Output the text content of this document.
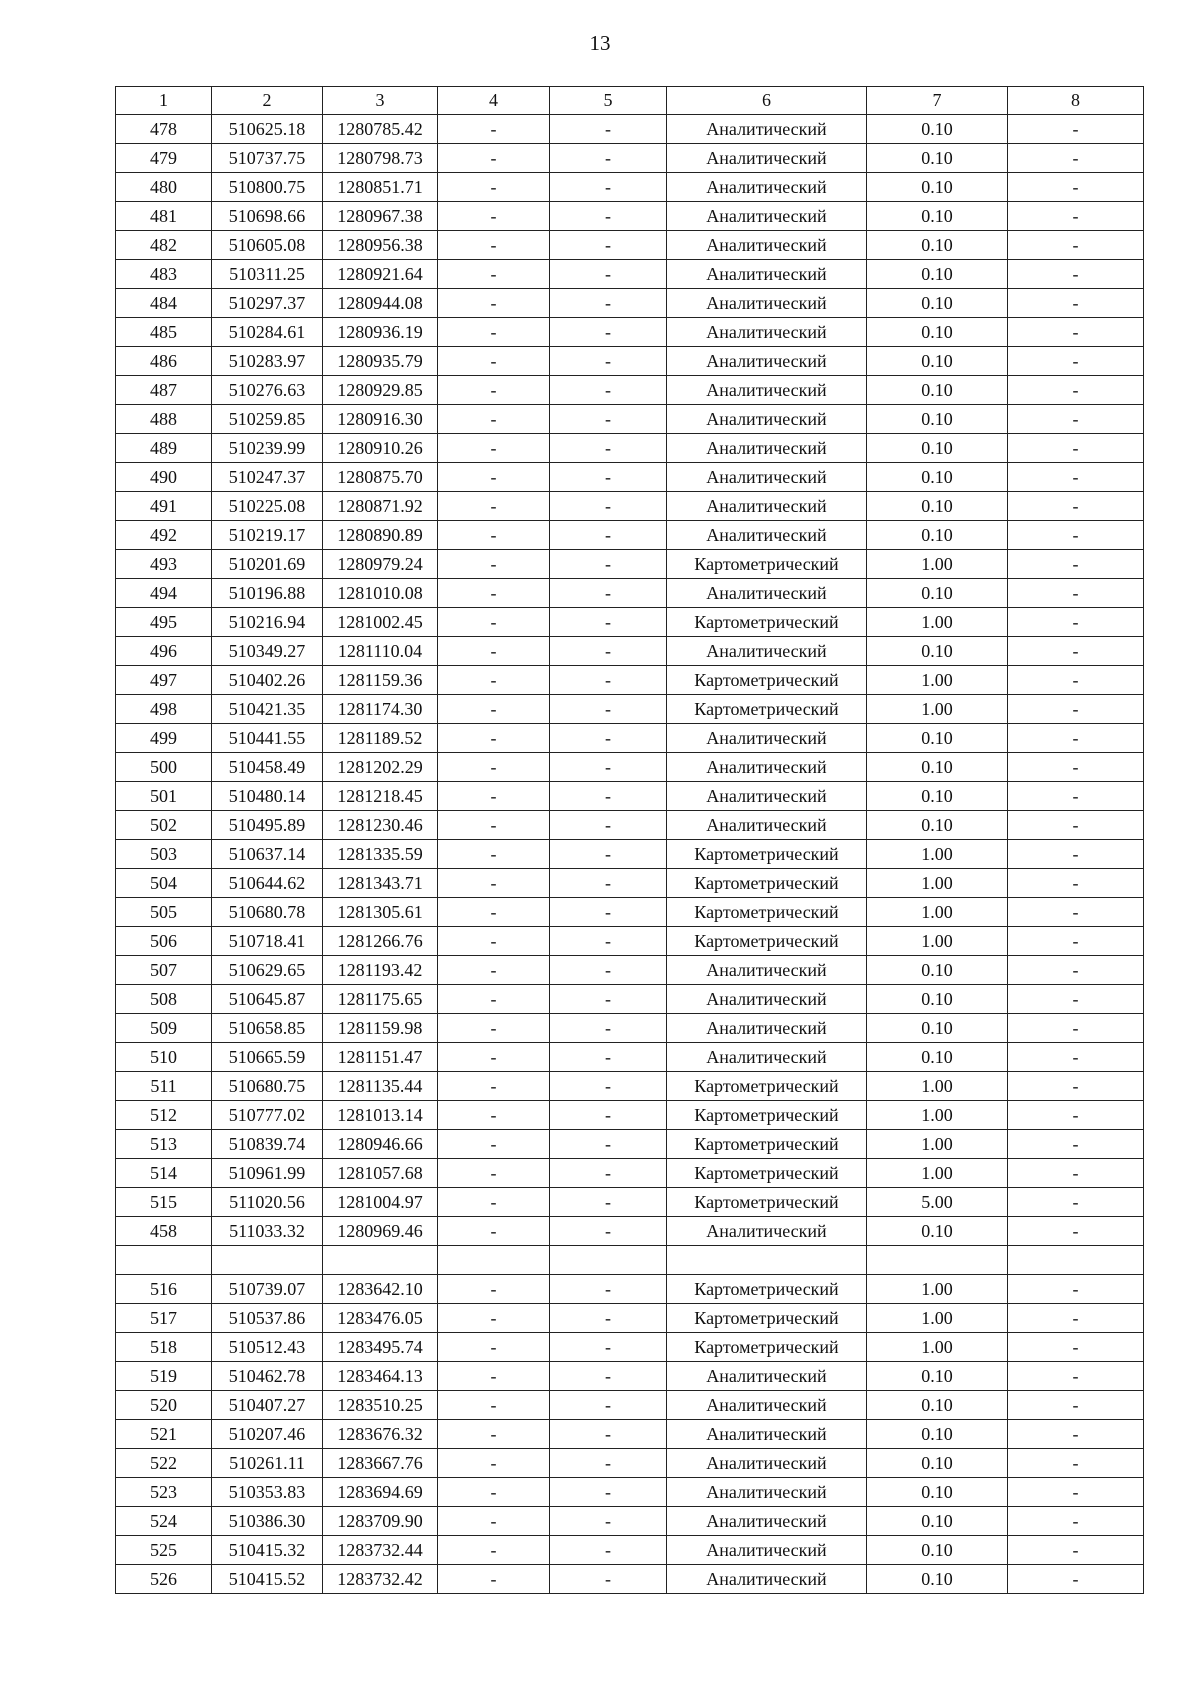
13
1	2	3	4	5	6	7	8
478	510625.18	1280785.42	-	-	Аналитический	0.10	-
479	510737.75	1280798.73	-	-	Аналитический	0.10	-
480	510800.75	1280851.71	-	-	Аналитический	0.10	-
481	510698.66	1280967.38	-	-	Аналитический	0.10	-
482	510605.08	1280956.38	-	-	Аналитический	0.10	-
483	510311.25	1280921.64	-	-	Аналитический	0.10	-
484	510297.37	1280944.08	-	-	Аналитический	0.10	-
485	510284.61	1280936.19	-	-	Аналитический	0.10	-
486	510283.97	1280935.79	-	-	Аналитический	0.10	-
487	510276.63	1280929.85	-	-	Аналитический	0.10	-
488	510259.85	1280916.30	-	-	Аналитический	0.10	-
489	510239.99	1280910.26	-	-	Аналитический	0.10	-
490	510247.37	1280875.70	-	-	Аналитический	0.10	-
491	510225.08	1280871.92	-	-	Аналитический	0.10	-
492	510219.17	1280890.89	-	-	Аналитический	0.10	-
493	510201.69	1280979.24	-	-	Картометрический	1.00	-
494	510196.88	1281010.08	-	-	Аналитический	0.10	-
495	510216.94	1281002.45	-	-	Картометрический	1.00	-
496	510349.27	1281110.04	-	-	Аналитический	0.10	-
497	510402.26	1281159.36	-	-	Картометрический	1.00	-
498	510421.35	1281174.30	-	-	Картометрический	1.00	-
499	510441.55	1281189.52	-	-	Аналитический	0.10	-
500	510458.49	1281202.29	-	-	Аналитический	0.10	-
501	510480.14	1281218.45	-	-	Аналитический	0.10	-
502	510495.89	1281230.46	-	-	Аналитический	0.10	-
503	510637.14	1281335.59	-	-	Картометрический	1.00	-
504	510644.62	1281343.71	-	-	Картометрический	1.00	-
505	510680.78	1281305.61	-	-	Картометрический	1.00	-
506	510718.41	1281266.76	-	-	Картометрический	1.00	-
507	510629.65	1281193.42	-	-	Аналитический	0.10	-
508	510645.87	1281175.65	-	-	Аналитический	0.10	-
509	510658.85	1281159.98	-	-	Аналитический	0.10	-
510	510665.59	1281151.47	-	-	Аналитический	0.10	-
511	510680.75	1281135.44	-	-	Картометрический	1.00	-
512	510777.02	1281013.14	-	-	Картометрический	1.00	-
513	510839.74	1280946.66	-	-	Картометрический	1.00	-
514	510961.99	1281057.68	-	-	Картометрический	1.00	-
515	511020.56	1281004.97	-	-	Картометрический	5.00	-
458	511033.32	1280969.46	-	-	Аналитический	0.10	-

516	510739.07	1283642.10	-	-	Картометрический	1.00	-
517	510537.86	1283476.05	-	-	Картометрический	1.00	-
518	510512.43	1283495.74	-	-	Картометрический	1.00	-
519	510462.78	1283464.13	-	-	Аналитический	0.10	-
520	510407.27	1283510.25	-	-	Аналитический	0.10	-
521	510207.46	1283676.32	-	-	Аналитический	0.10	-
522	510261.11	1283667.76	-	-	Аналитический	0.10	-
523	510353.83	1283694.69	-	-	Аналитический	0.10	-
524	510386.30	1283709.90	-	-	Аналитический	0.10	-
525	510415.32	1283732.44	-	-	Аналитический	0.10	-
526	510415.52	1283732.42	-	-	Аналитический	0.10	-
